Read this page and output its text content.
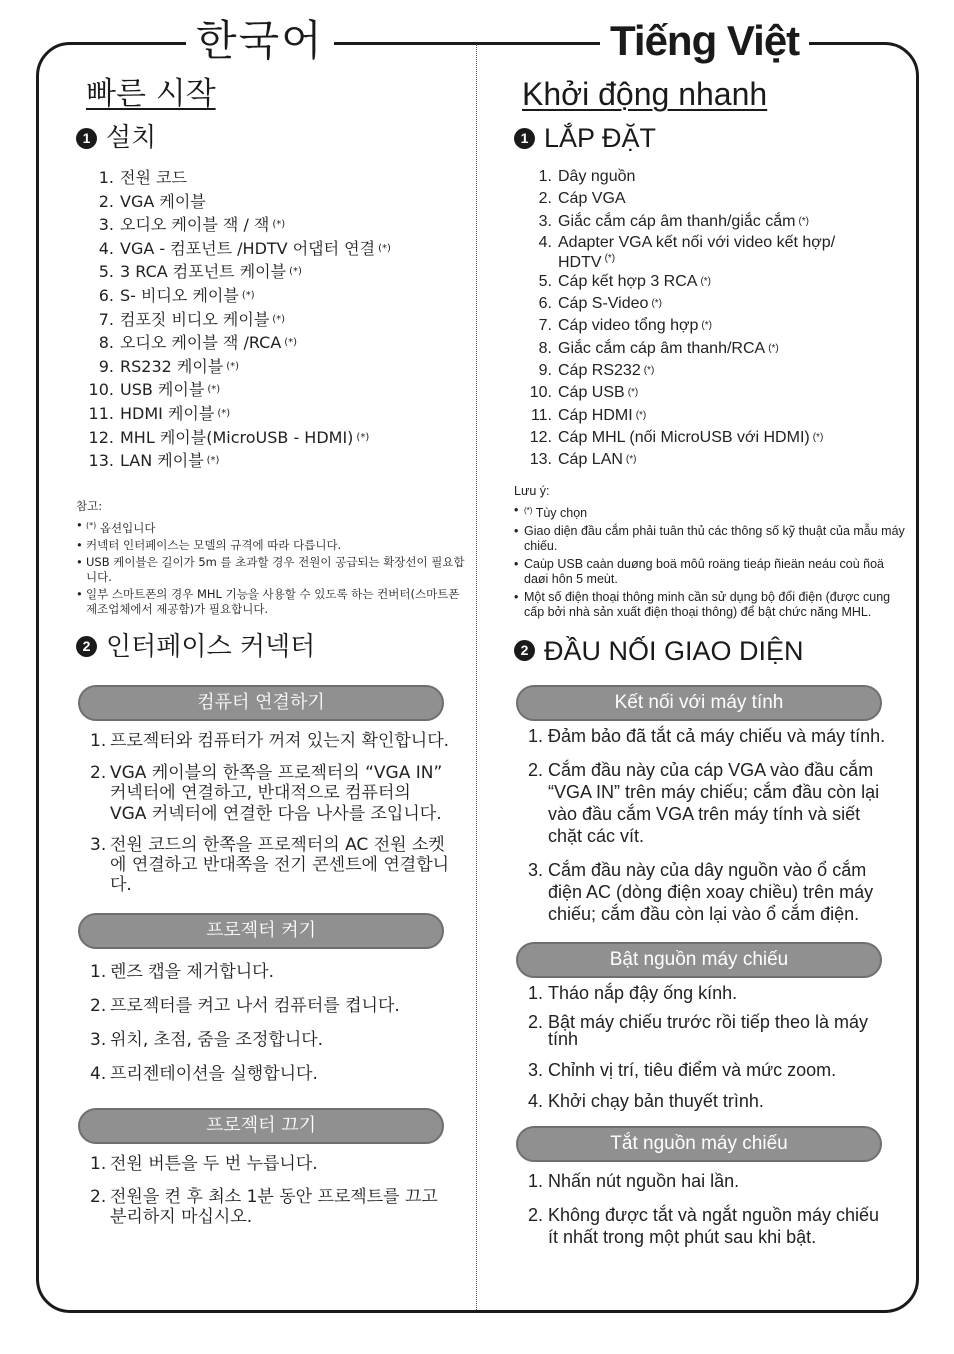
한국어	Tiếng Việt
빠른 시작
1 설치
1. 전원 코드
2. VGA 케이블
3. 오디오 케이블 잭 / 잭 (*)
4. VGA - 컴포넌트 /HDTV 어댑터 연결 (*)
5. 3 RCA 컴포넌트 케이블 (*)
6. S- 비디오 케이블 (*)
7. 컴포짓 비디오 케이블 (*)
8. 오디오 케이블 잭 /RCA (*)
9. RS232 케이블 (*)
10. USB 케이블 (*)
11. HDMI 케이블 (*)
12. MHL 케이블(MicroUSB - HDMI) (*)
13. LAN 케이블 (*)
참고:
• (*) 옵션입니다
• 커넥터 인터페이스는 모델의 규격에 따라 다릅니다.
• USB 케이블은 길이가 5m 를 초과할 경우 전원이 공급되는 확장선이 필요합니다.
• 일부 스마트폰의 경우 MHL 기능을 사용할 수 있도록 하는 컨버터(스마트폰 제조업체에서 제공함)가 필요합니다.
2 인터페이스 커넥터
컴퓨터 연결하기
1. 프로젝터와 컴퓨터가 꺼져 있는지 확인합니다.
2. VGA 케이블의 한쪽을 프로젝터의 “VGA IN” 커넥터에 연결하고, 반대적으로 컴퓨터의 VGA 커넥터에 연결한 다음 나사를 조입니다.
3. 전원 코드의 한쪽을 프로젝터의 AC 전원 소켓에 연결하고 반대쪽을 전기 콘센트에 연결합니다.
프로젝터 켜기
1. 렌즈 캡을 제거합니다.
2. 프로젝터를 켜고 나서 컴퓨터를 켭니다.
3. 위치, 초점, 줌을 조정합니다.
4. 프리젠테이션을 실행합니다.
프로젝터 끄기
1. 전원 버튼을 두 번 누릅니다.
2. 전원을 켠 후 최소 1분 동안 프로젝트를 끄고 분리하지 마십시오.
Khởi động nhanh
1 LẮP ĐẶT
1. Dây nguồn
2. Cáp VGA
3. Giắc cắm cáp âm thanh/giắc cắm (*)
4. Adapter VGA kết nối với video kết hợp/ HDTV (*)
5. Cáp kết hợp 3 RCA (*)
6. Cáp S-Video (*)
7. Cáp video tổng hợp (*)
8. Giắc cắm cáp âm thanh/RCA (*)
9. Cáp RS232 (*)
10. Cáp USB (*)
11. Cáp HDMI (*)
12. Cáp MHL (nối MicroUSB với HDMI) (*)
13. Cáp LAN (*)
Lưu ý:
• (*) Tùy chọn
• Giao diện đầu cắm phải tuân thủ các thông số kỹ thuật của mẫu máy chiếu.
• Caùp USB caàn duøng boä môû roäng tieáp ñieän neáu coù ñoä daøi hôn 5 meùt.
• Một số điện thoại thông minh cần sử dụng bộ đổi điện (được cung cấp bởi nhà sản xuất điện thoại thông) để bật chức năng MHL.
2 ĐẦU NỐI GIAO DIỆN
Kết nối với máy tính
1. Đảm bảo đã tắt cả máy chiếu và máy tính.
2. Cắm đầu này của cáp VGA vào đầu cắm “VGA IN” trên máy chiếu; cắm đầu còn lại vào đầu cắm VGA trên máy tính và siết chặt các vít.
3. Cắm đầu này của dây nguồn vào ổ cắm điện AC (dòng điện xoay chiều) trên máy chiếu; cắm đầu còn lại vào ổ cắm điện.
Bật nguồn máy chiếu
1. Tháo nắp đậy ống kính.
2. Bật máy chiếu trước rồi tiếp theo là máy tính
3. Chỉnh vị trí, tiêu điểm và mức zoom.
4. Khởi chạy bản thuyết trình.
Tắt nguồn máy chiếu
1. Nhấn nút nguồn hai lần.
2. Không được tắt và ngắt nguồn máy chiếu ít nhất trong một phút sau khi bật.
